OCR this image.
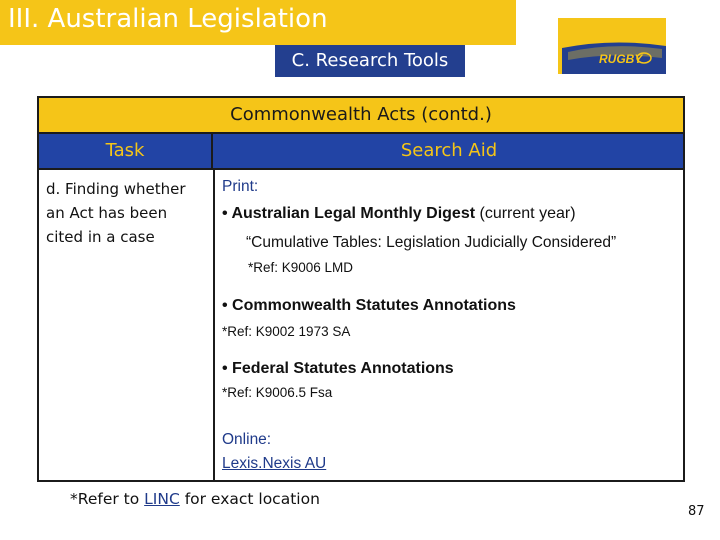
III. Australian Legislation
C. Research Tools	RUGBY
Commonwealth Acts (contd.)
Task	Search Aid
d. Finding whether an Act has been cited in a case
Print:
• Australian Legal Monthly Digest (current year)
“Cumulative Tables: Legislation Judicially Considered”
*Ref: K9006 LMD
• Commonwealth Statutes Annotations
*Ref: K9002 1973 SA
• Federal Statutes Annotations
*Ref: K9006.5 Fsa
Online:
Lexis.Nexis AU
*Refer to LINC for exact location
87
